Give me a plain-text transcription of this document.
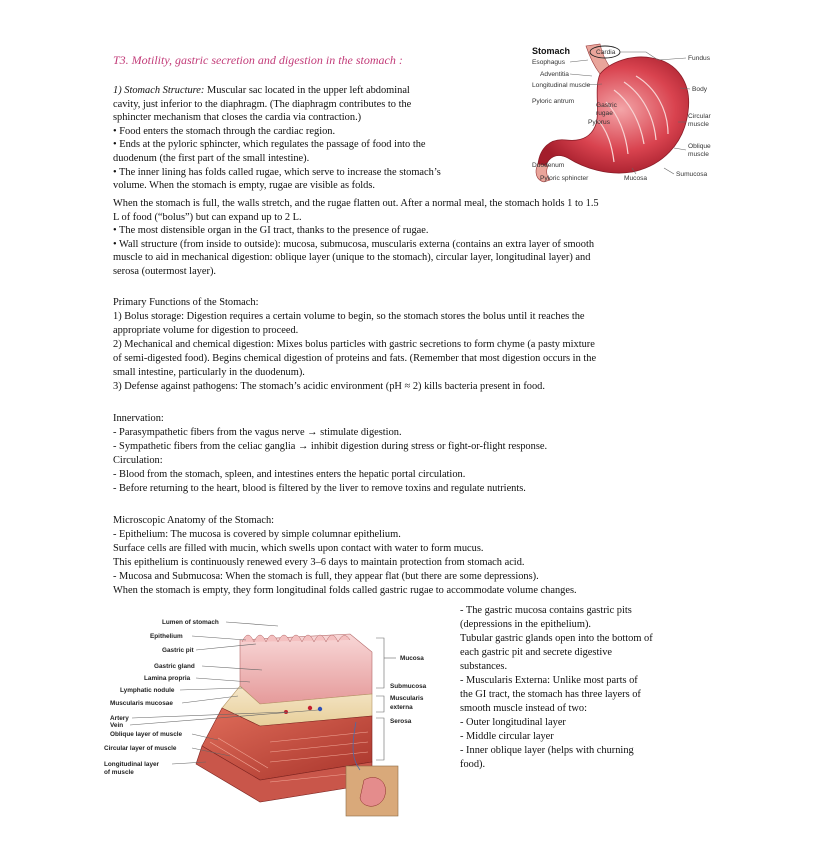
T3. Motility, gastric secretion and digestion in the stomach :
1) Stomach Structure: Muscular sac located in the upper left abdominal
cavity, just inferior to the diaphragm. (The diaphragm contributes to the
sphincter mechanism that closes the cardia via contraction.)
• Food enters the stomach through the cardiac region.
• Ends at the pyloric sphincter, which regulates the passage of food into the
duodenum (the first part of the small intestine).
• The inner lining has folds called rugae, which serve to increase the stomach’s
volume. When the stomach is empty, rugae are visible as folds.
When the stomach is full, the walls stretch, and the rugae flatten out. After a normal meal, the stomach holds 1 to 1.5
L of food (“bolus”) but can expand up to 2 L.
• The most distensible organ in the GI tract, thanks to the presence of rugae.
• Wall structure (from inside to outside): mucosa, submucosa, muscularis externa (contains an extra layer of smooth
muscle to aid in mechanical digestion: oblique layer (unique to the stomach), circular layer, longitudinal layer) and
serosa (outermost layer).
Primary Functions of the Stomach:
1) Bolus storage: Digestion requires a certain volume to begin, so the stomach stores the bolus until it reaches the
appropriate volume for digestion to proceed.
2) Mechanical and chemical digestion: Mixes bolus particles with gastric secretions to form chyme (a pasty mixture
of semi-digested food). Begins chemical digestion of proteins and fats. (Remember that most digestion occurs in the
small intestine, particularly in the duodenum).
3) Defense against pathogens: The stomach’s acidic environment (pH ≈ 2) kills bacteria present in food.
Innervation:
- Parasympathetic fibers from the vagus nerve → stimulate digestion.
- Sympathetic fibers from the celiac ganglia → inhibit digestion during stress or fight-or-flight response.
Circulation:
- Blood from the stomach, spleen, and intestines enters the hepatic portal circulation.
- Before returning to the heart, blood is filtered by the liver to remove toxins and regulate nutrients.
Microscopic Anatomy of the Stomach:
- Epithelium: The mucosa is covered by simple columnar epithelium.
Surface cells are filled with mucin, which swells upon contact with water to form mucus.
This epithelium is continuously renewed every 3–6 days to maintain protection from stomach acid.
- Mucosa and Submucosa: When the stomach is full, they appear flat (but there are some depressions).
When the stomach is empty, they form longitudinal folds called gastric rugae to accommodate volume changes.
- The gastric mucosa contains gastric pits
(depressions in the epithelium).
Tubular gastric glands open into the bottom of
each gastric pit and secrete digestive
substances.
- Muscularis Externa: Unlike most parts of
the GI tract, the stomach has three layers of
smooth muscle instead of two:
- Outer longitudinal layer
- Middle circular layer
- Inner oblique layer (helps with churning
food).
Stomach	Cardia
Esophagus
Adventitia
Longitudinal muscle
Pyloric antrum
Gastric
rugae
Pylorus
Duodenum
Pyloric sphincter	Mucosa
Sumucosa
Fundus
Body
Circular
muscle
Oblique
muscle
Lumen of stomach
Epithelium
Gastric pit
Gastric gland
Lamina propria
Lymphatic nodule
Muscularis mucosae
Artery
Vein
Oblique layer of muscle
Circular layer of muscle
Longitudinal layer
of muscle
Mucosa
Submucosa
Muscularis
externa
Serosa
